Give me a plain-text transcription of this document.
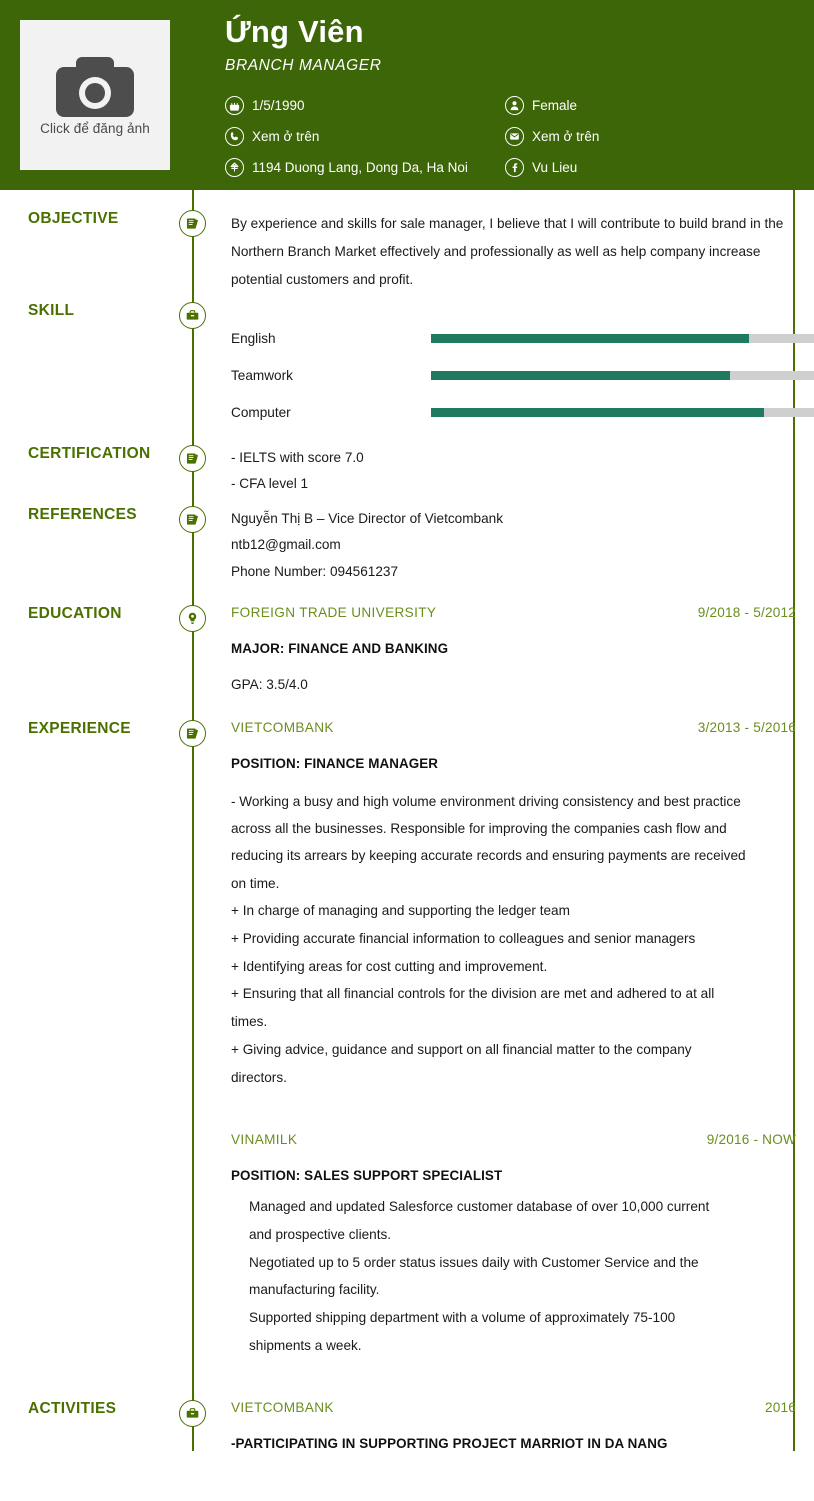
Click để đăng ảnh
Ứng Viên
BRANCH MANAGER
1/5/1990	Female
Xem ở trên	Xem ở trên
1194 Duong Lang, Dong Da, Ha Noi	Vu Lieu
OBJECTIVE	By experience and skills for sale manager, I believe that I will contribute to build brand in the
Northern Branch Market effectively and professionally as well as help company increase
potential customers and profit.
SKILL
English
Teamwork
Computer
CERTIFICATION	- IELTS with score 7.0
- CFA level 1
REFERENCES	Nguyễn Thị B – Vice Director of Vietcombank
ntb12@gmail.com
Phone Number: 094561237
EDUCATION	FOREIGN TRADE UNIVERSITY	9/2018 - 5/2012
MAJOR: FINANCE AND BANKING
GPA: 3.5/4.0
EXPERIENCE	VIETCOMBANK	3/2013 - 5/2016
POSITION: FINANCE MANAGER
- Working a busy and high volume environment driving consistency and best practice
across all the businesses. Responsible for improving the companies cash flow and
reducing its arrears by keeping accurate records and ensuring payments are received
on time.
+ In charge of managing and supporting the ledger team
+ Providing accurate financial information to colleagues and senior managers
+ Identifying areas for cost cutting and improvement.
+ Ensuring that all financial controls for the division are met and adhered to at all
times.
+ Giving advice, guidance and support on all financial matter to the company
directors.
VINAMILK	9/2016 - NOW
POSITION: SALES SUPPORT SPECIALIST
Managed and updated Salesforce customer database of over 10,000 current
and prospective clients.
Negotiated up to 5 order status issues daily with Customer Service and the
manufacturing facility.
Supported shipping department with a volume of approximately 75-100
shipments a week.
ACTIVITIES	VIETCOMBANK	2016
-PARTICIPATING IN SUPPORTING PROJECT MARRIOT IN DA NANG
